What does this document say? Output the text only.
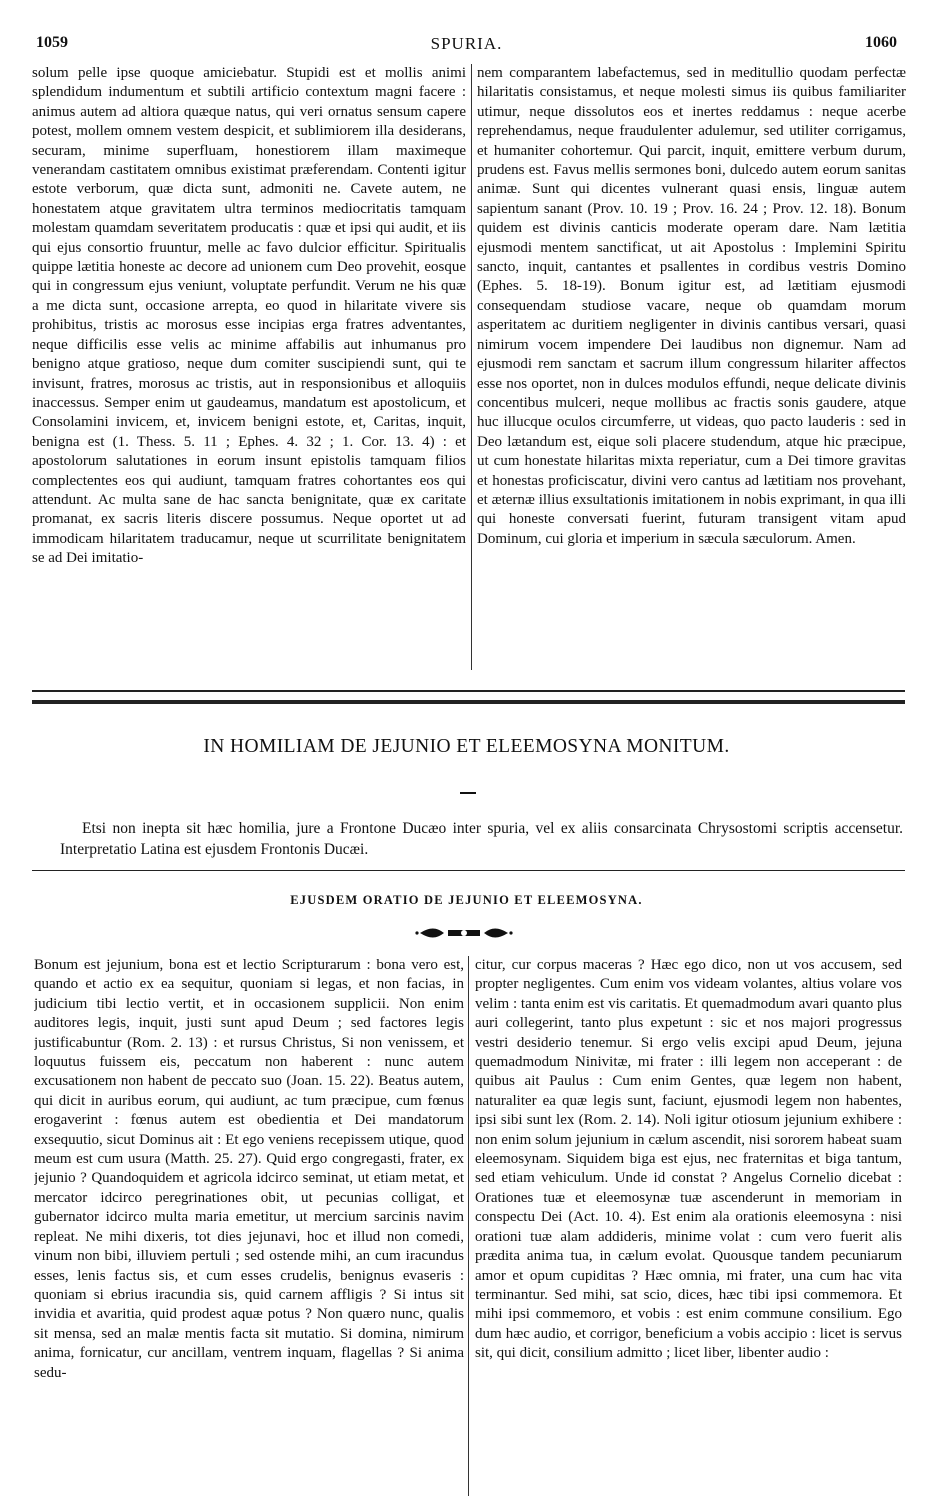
1059	SPURIA.	1060

solum pelle ipse quoque amiciebatur. Stupidi est et mollis animi splendidum indumentum et subtili artificio contextum magni facere : animus autem ad altiora quæque natus, qui veri ornatus sensum capere potest, mollem omnem vestem despicit, et sublimiorem illa desiderans, securam, minime superfluam, honestiorem illam maximeque venerandam castitatem omnibus existimat præferendam. Contenti igitur estote verborum, quæ dicta sunt, admoniti ne. Cavete autem, ne honestatem atque gravitatem ultra terminos mediocritatis tamquam molestam quamdam severitatem producatis : quæ et ipsi qui audit, et iis qui ejus consortio fruuntur, melle ac favo dulcior efficitur. Spiritualis quippe lætitia honeste ac decore ad unionem cum Deo provehit, eosque qui in congressum ejus veniunt, voluptate perfundit. Verum ne his quæ a me dicta sunt, occasione arrepta, eo quod in hilaritate vivere sis prohibitus, tristis ac morosus esse incipias erga fratres adventantes, neque difficilis esse velis ac minime affabilis aut inhumanus pro benigno atque gratioso, neque dum comiter suscipiendi sunt, qui te invisunt, fratres, morosus ac tristis, aut in responsionibus et alloquiis inaccessus. Semper enim ut gaudeamus, mandatum est apostolicum, et Consolamini invicem, et, invicem benigni estote, et, Caritas, inquit, benigna est (1. Thess. 5. 11 ; Ephes. 4. 32 ; 1. Cor. 13. 4) : et apostolorum salutationes in eorum insunt epistolis tamquam filios complectentes eos qui audiunt, tamquam fratres cohortantes eos qui attendunt. Ac multa sane de hac sancta benignitate, quæ ex caritate promanat, ex sacris literis discere possumus. Neque oportet ut ad immodicam hilaritatem traducamur, neque ut scurrilitate benignitatem se ad Dei imitatio-

nem comparantem labefactemus, sed in meditullio quodam perfectæ hilaritatis consistamus, et neque molesti simus iis quibus familiariter utimur, neque dissolutos eos et inertes reddamus : neque acerbe reprehendamus, neque fraudulenter adulemur, sed utiliter corrigamus, et humaniter cohortemur. Qui parcit, inquit, emittere verbum durum, prudens est. Favus mellis sermones boni, dulcedo autem eorum sanitas animæ. Sunt qui dicentes vulnerant quasi ensis, linguæ autem sapientum sanant (Prov. 10. 19 ; Prov. 16. 24 ; Prov. 12. 18). Bonum quidem est divinis canticis moderate operam dare. Nam lætitia ejusmodi mentem sanctificat, ut ait Apostolus : Implemini Spiritu sancto, inquit, cantantes et psallentes in cordibus vestris Domino (Ephes. 5. 18-19). Bonum igitur est, ad lætitiam ejusmodi consequendam studiose vacare, neque ob quamdam morum asperitatem ac duritiem negligenter in divinis cantibus versari, quasi nimirum vocem impendere Dei laudibus non dignemur. Nam ad ejusmodi rem sanctam et sacrum illum congressum hilariter affectos esse nos oportet, non in dulces modulos effundi, neque delicate divinis concentibus mulceri, neque mollibus ac fractis sonis gaudere, atque huc illucque oculos circumferre, ut videas, quo pacto lauderis : sed in Deo lætandum est, eique soli placere studendum, atque hic præcipue, ut cum honestate hilaritas mixta reperiatur, cum a Dei timore gravitas et honestas proficiscatur, divini vero cantus ad lætitiam nos provehant, et æternæ illius exsultationis imitationem in nobis exprimant, in qua illi qui honeste conversati fuerint, futuram transigent vitam apud Dominum, cui gloria et imperium in sæcula sæculorum. Amen.

IN HOMILIAM DE JEJUNIO ET ELEEMOSYNA MONITUM.
Etsi non inepta sit hæc homilia, jure a Frontone Ducæo inter spuria, vel ex aliis consarcinata Chrysostomi scriptis accensetur. Interpretatio Latina est ejusdem Frontonis Ducæi.
EJUSDEM ORATIO DE JEJUNIO ET ELEEMOSYNA.

Bonum est jejunium, bona est et lectio Scripturarum : bona vero est, quando et actio ex ea sequitur, quoniam si legas, et non facias, in judicium tibi lectio vertit, et in occasionem supplicii. Non enim auditores legis, inquit, justi sunt apud Deum ; sed factores legis justificabuntur (Rom. 2. 13) : et rursus Christus, Si non venissem, et loquutus fuissem eis, peccatum non haberent : nunc autem excusationem non habent de peccato suo (Joan. 15. 22). Beatus autem, qui dicit in auribus eorum, qui audiunt, ac tum præcipue, cum fœnus erogaverint : fœnus autem est obedientia et Dei mandatorum exsequutio, sicut Dominus ait : Et ego veniens recepissem utique, quod meum est cum usura (Matth. 25. 27). Quid ergo congregasti, frater, ex jejunio ? Quandoquidem et agricola idcirco seminat, ut etiam metat, et mercator idcirco peregrinationes obit, ut pecunias colligat, et gubernator idcirco multa maria emetitur, ut mercium sarcinis navim repleat. Ne mihi dixeris, tot dies jejunavi, hoc et illud non comedi, vinum non bibi, illuviem pertuli ; sed ostende mihi, an cum iracundus esses, lenis factus sis, et cum esses crudelis, benignus evaseris : quoniam si ebrius iracundia sis, quid carnem affligis ? Si intus sit invidia et avaritia, quid prodest aquæ potus ? Non quæro nunc, qualis sit mensa, sed an malæ mentis facta sit mutatio. Si domina, nimirum anima, fornicatur, cur ancillam, ventrem inquam, flagellas ? Si anima sedu-

citur, cur corpus maceras ? Hæc ego dico, non ut vos accusem, sed propter negligentes. Cum enim vos videam volantes, altius volare vos velim : tanta enim est vis caritatis. Et quemadmodum avari quanto plus auri collegerint, tanto plus expetunt : sic et nos majori progressus vestri desiderio tenemur. Si ergo velis excipi apud Deum, jejuna quemadmodum Ninivitæ, mi frater : illi legem non acceperant : de quibus ait Paulus : Cum enim Gentes, quæ legem non habent, naturaliter ea quæ legis sunt, faciunt, ejusmodi legem non habentes, ipsi sibi sunt lex (Rom. 2. 14). Noli igitur otiosum jejunium exhibere : non enim solum jejunium in cælum ascendit, nisi sororem habeat suam eleemosynam. Siquidem biga est ejus, nec fraternitas et biga tantum, sed etiam vehiculum. Unde id constat ? Angelus Cornelio dicebat : Orationes tuæ et eleemosynæ tuæ ascenderunt in memoriam in conspectu Dei (Act. 10. 4). Est enim ala orationis eleemosyna : nisi orationi tuæ alam addideris, minime volat : cum vero fuerit alis prædita anima tua, in cælum evolat. Quousque tandem pecuniarum amor et opum cupiditas ? Hæc omnia, mi frater, una cum hac vita terminantur. Sed mihi, sat scio, dices, hæc tibi ipsi commemora. Et mihi ipsi commemoro, et vobis : est enim commune consilium. Ego dum hæc audio, et corrigor, beneficium a vobis accipio : licet is servus sit, qui dicit, consilium admitto ; licet liber, libenter audio :
